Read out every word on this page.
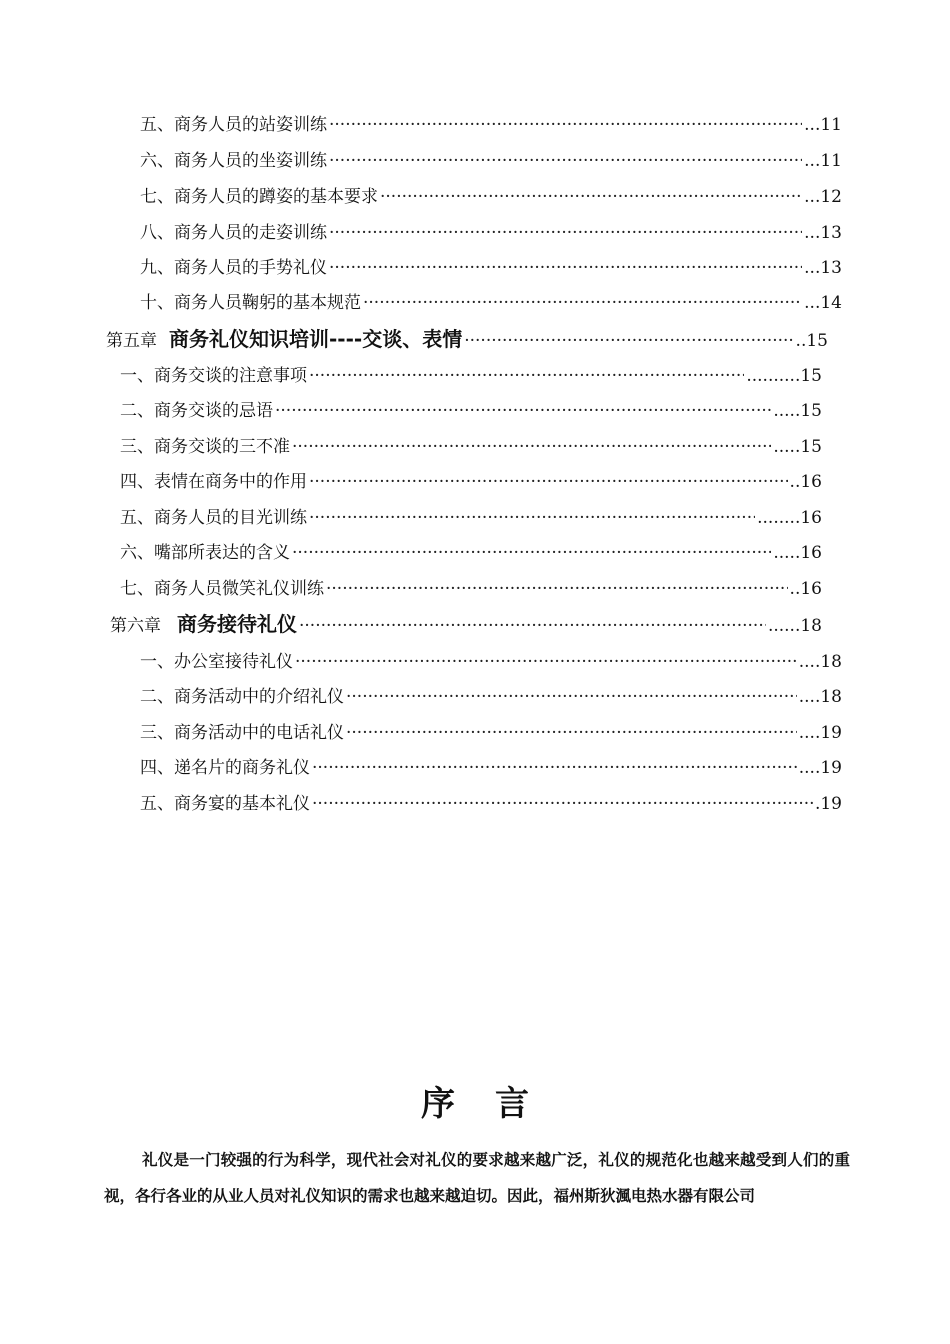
五、 商务人员的站姿训练 ·····	...11
六、 商务人员的坐姿训练 ·····	...11
七、 商务人员的蹲姿的基本要求 ·····	...12
八、 商务人员的走姿训练 ·····	...13
九、 商务人员的手势礼仪 ·····	...13
十、 商务人员鞠躬的基本规范 ·····	...14
第五章 商务礼仪知识培训----交谈、表情 ·····	..15
一、 商务交谈的注意事项 ·····	..........15
二、 商务交谈的忌语 ·····	.....15
三、 商务交谈的三不准 ·····	.....15
四、 表情在商务中的作用 ·····	..16
五、 商务人员的目光训练 ·····	........16
六、 嘴部所表达的含义 ·····	.....16
七、 商务人员微笑礼仪训练 ·····	..16
第六章 商务接待礼仪 ·····	......18
一、 办公室接待礼仪 ·····	....18
二、 商务活动中的介绍礼仪 ·····	....18
三、 商务活动中的电话礼仪 ·····	....19
四、 递名片的商务礼仪 ·····	....19
五、 商务宴的基本礼仪 ·····	.19
序言
礼仪是一门较强的行为科学，现代社会对礼仪的要求越来越广泛，礼仪的规范化也越来越受到人们的重视，各行各业的从业人员对礼仪知识的需求也越来越迫切。因此，福州斯狄渢电热水器有限公司
